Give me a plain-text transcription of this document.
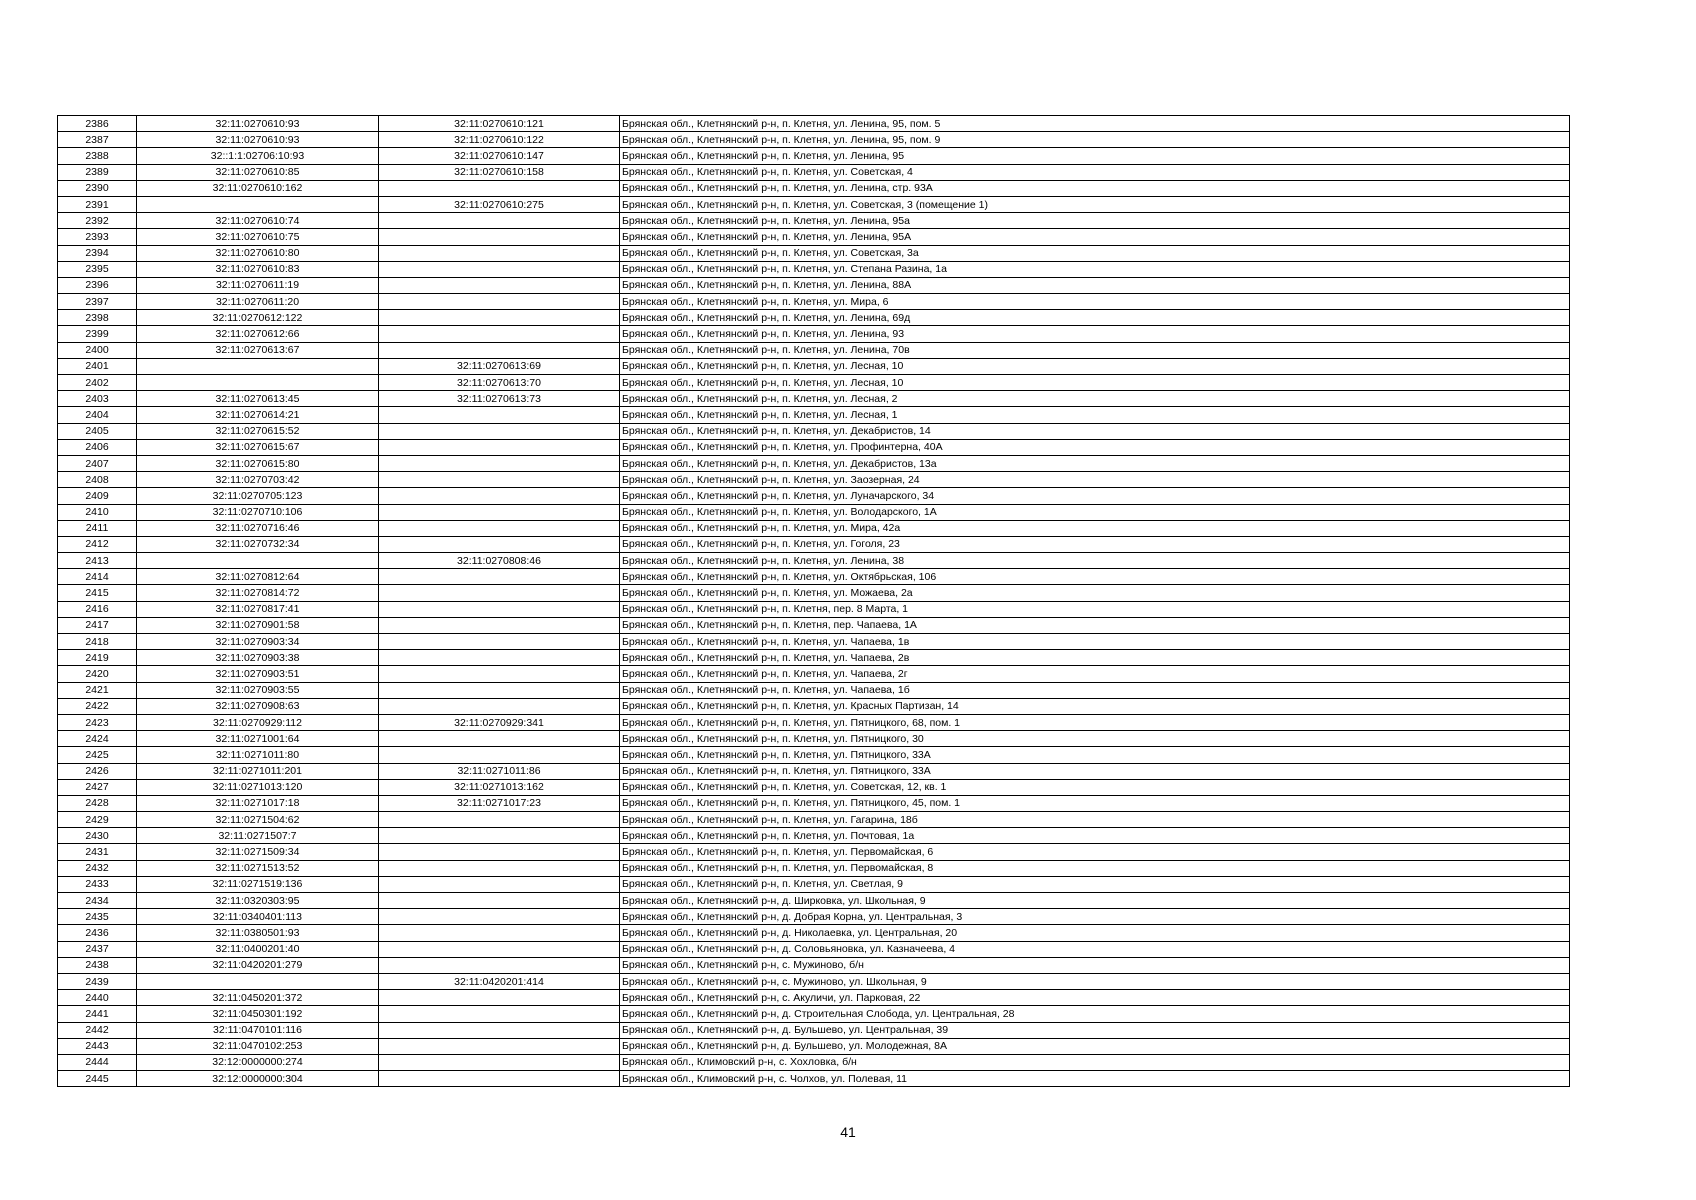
2386	32:11:0270610:93	32:11:0270610:121	Брянская обл., Клетнянский р-н, п. Клетня, ул. Ленина, 95, пом. 5
2387	32:11:0270610:93	32:11:0270610:122	Брянская обл., Клетнянский р-н, п. Клетня, ул. Ленина, 95, пом. 9
2388	32::1:1:02706:10:93	32:11:0270610:147	Брянская обл., Клетнянский р-н, п. Клетня, ул. Ленина, 95
2389	32:11:0270610:85	32:11:0270610:158	Брянская обл., Клетнянский р-н, п. Клетня, ул. Советская, 4
2390	32:11:0270610:162		Брянская обл., Клетнянский р-н, п. Клетня, ул. Ленина, стр. 93А
2391		32:11:0270610:275	Брянская обл., Клетнянский р-н, п. Клетня, ул. Советская, 3 (помещение 1)
2392	32:11:0270610:74		Брянская обл., Клетнянский р-н, п. Клетня, ул. Ленина, 95а
2393	32:11:0270610:75		Брянская обл., Клетнянский р-н, п. Клетня, ул. Ленина, 95А
2394	32:11:0270610:80		Брянская обл., Клетнянский р-н, п. Клетня, ул. Советская, 3а
2395	32:11:0270610:83		Брянская обл., Клетнянский р-н, п. Клетня, ул. Степана Разина, 1а
2396	32:11:0270611:19		Брянская обл., Клетнянский р-н, п. Клетня, ул. Ленина, 88А
2397	32:11:0270611:20		Брянская обл., Клетнянский р-н, п. Клетня, ул. Мира, 6
2398	32:11:0270612:122		Брянская обл., Клетнянский р-н, п. Клетня, ул. Ленина, 69д
2399	32:11:0270612:66		Брянская обл., Клетнянский р-н, п. Клетня, ул. Ленина, 93
2400	32:11:0270613:67		Брянская обл., Клетнянский р-н, п. Клетня, ул. Ленина, 70в
2401		32:11:0270613:69	Брянская обл., Клетнянский р-н, п. Клетня, ул. Лесная, 10
2402		32:11:0270613:70	Брянская обл., Клетнянский р-н, п. Клетня, ул. Лесная, 10
2403	32:11:0270613:45	32:11:0270613:73	Брянская обл., Клетнянский р-н, п. Клетня, ул. Лесная, 2
2404	32:11:0270614:21		Брянская обл., Клетнянский р-н, п. Клетня, ул. Лесная, 1
2405	32:11:0270615:52		Брянская обл., Клетнянский р-н, п. Клетня, ул. Декабристов, 14
2406	32:11:0270615:67		Брянская обл., Клетнянский р-н, п. Клетня, ул. Профинтерна, 40А
2407	32:11:0270615:80		Брянская обл., Клетнянский р-н, п. Клетня, ул. Декабристов, 13а
2408	32:11:0270703:42		Брянская обл., Клетнянский р-н, п. Клетня, ул. Заозерная, 24
2409	32:11:0270705:123		Брянская обл., Клетнянский р-н, п. Клетня, ул. Луначарского, 34
2410	32:11:0270710:106		Брянская обл., Клетнянский р-н, п. Клетня, ул. Володарского, 1А
2411	32:11:0270716:46		Брянская обл., Клетнянский р-н, п. Клетня, ул. Мира, 42а
2412	32:11:0270732:34		Брянская обл., Клетнянский р-н, п. Клетня, ул. Гоголя, 23
2413		32:11:0270808:46	Брянская обл., Клетнянский р-н, п. Клетня, ул. Ленина, 38
2414	32:11:0270812:64		Брянская обл., Клетнянский р-н, п. Клетня, ул. Октябрьская, 106
2415	32:11:0270814:72		Брянская обл., Клетнянский р-н, п. Клетня, ул. Можаева, 2а
2416	32:11:0270817:41		Брянская обл., Клетнянский р-н, п. Клетня, пер. 8 Марта, 1
2417	32:11:0270901:58		Брянская обл., Клетнянский р-н, п. Клетня, пер. Чапаева, 1А
2418	32:11:0270903:34		Брянская обл., Клетнянский р-н, п. Клетня, ул. Чапаева, 1в
2419	32:11:0270903:38		Брянская обл., Клетнянский р-н, п. Клетня, ул. Чапаева, 2в
2420	32:11:0270903:51		Брянская обл., Клетнянский р-н, п. Клетня, ул. Чапаева, 2г
2421	32:11:0270903:55		Брянская обл., Клетнянский р-н, п. Клетня, ул. Чапаева, 1б
2422	32:11:0270908:63		Брянская обл., Клетнянский р-н, п. Клетня, ул. Красных Партизан, 14
2423	32:11:0270929:112	32:11:0270929:341	Брянская обл., Клетнянский р-н, п. Клетня, ул. Пятницкого, 68, пом. 1
2424	32:11:0271001:64		Брянская обл., Клетнянский р-н, п. Клетня, ул. Пятницкого, 30
2425	32:11:0271011:80		Брянская обл., Клетнянский р-н, п. Клетня, ул. Пятницкого, 33А
2426	32:11:0271011:201	32:11:0271011:86	Брянская обл., Клетнянский р-н, п. Клетня, ул. Пятницкого, 33А
2427	32:11:0271013:120	32:11:0271013:162	Брянская обл., Клетнянский р-н, п. Клетня, ул. Советская, 12, кв. 1
2428	32:11:0271017:18	32:11:0271017:23	Брянская обл., Клетнянский р-н, п. Клетня, ул. Пятницкого, 45, пом. 1
2429	32:11:0271504:62		Брянская обл., Клетнянский р-н, п. Клетня, ул. Гагарина, 18б
2430	32:11:0271507:7		Брянская обл., Клетнянский р-н, п. Клетня, ул. Почтовая, 1а
2431	32:11:0271509:34		Брянская обл., Клетнянский р-н, п. Клетня, ул. Первомайская, 6
2432	32:11:0271513:52		Брянская обл., Клетнянский р-н, п. Клетня, ул. Первомайская, 8
2433	32:11:0271519:136		Брянская обл., Клетнянский р-н, п. Клетня, ул. Светлая, 9
2434	32:11:0320303:95		Брянская обл., Клетнянский р-н, д. Ширковка, ул. Школьная, 9
2435	32:11:0340401:113		Брянская обл., Клетнянский р-н, д. Добрая Корна, ул. Центральная, 3
2436	32:11:0380501:93		Брянская обл., Клетнянский р-н, д. Николаевка, ул. Центральная, 20
2437	32:11:0400201:40		Брянская обл., Клетнянский р-н, д. Соловьяновка, ул. Казначеева, 4
2438	32:11:0420201:279		Брянская обл., Клетнянский р-н, с. Мужиново, б/н
2439		32:11:0420201:414	Брянская обл., Клетнянский р-н, с. Мужиново, ул. Школьная, 9
2440	32:11:0450201:372		Брянская обл., Клетнянский р-н, с. Акуличи, ул. Парковая, 22
2441	32:11:0450301:192		Брянская обл., Клетнянский р-н, д. Строительная Слобода, ул. Центральная, 28
2442	32:11:0470101:116		Брянская обл., Клетнянский р-н, д. Бульшево, ул. Центральная, 39
2443	32:11:0470102:253		Брянская обл., Клетнянский р-н, д. Бульшево, ул. Молодежная, 8А
2444	32:12:0000000:274		Брянская обл., Климовский р-н, с. Хохловка, б/н
2445	32:12:0000000:304		Брянская обл., Климовский р-н, с. Чолхов, ул. Полевая, 11
41
